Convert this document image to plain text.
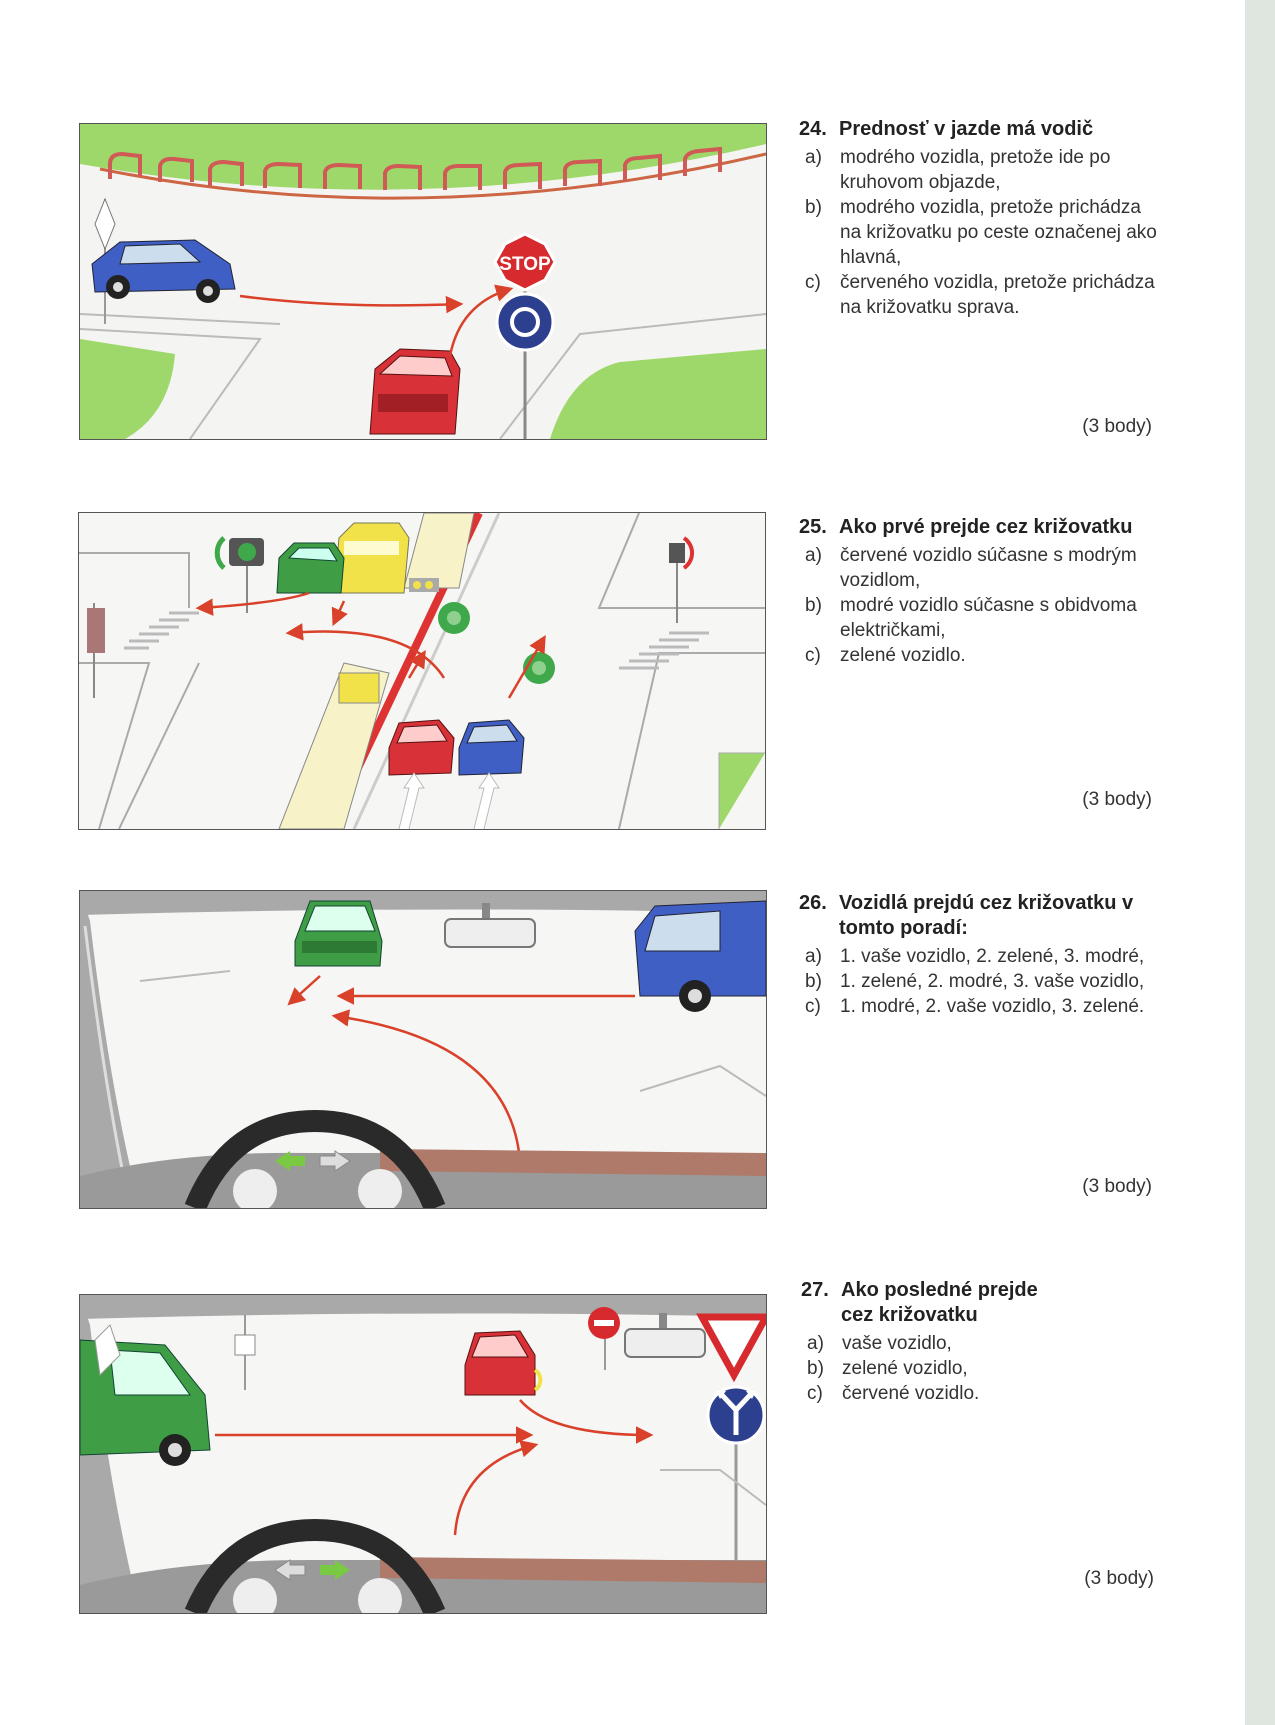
STOP
24. Prednosť v jazde má vodič
a) modrého vozidla, pretože ide po kruhovom objazde,
b) modrého vozidla, pretože prichádza na križovatku po ceste označenej ako hlavná,
c)	červeného vozidla, pretože prichádza na križovatku sprava.
(3 body)
25. Ako prvé prejde cez križovatku
a) červené vozidlo súčasne s modrým vozidlom,
b) modré vozidlo súčasne s obidvoma električkami,
c)	zelené vozidlo.
(3 body)
26. Vozidlá prejdú cez križovatku v tomto poradí:
a) 1. vaše vozidlo, 2. zelené, 3. modré,
b) 1. zelené, 2. modré, 3. vaše vozidlo,
c)	1. modré, 2. vaše vozidlo, 3. zelené.
(3 body)
27. Ako posledné prejde cez križovatku
a) vaše vozidlo,
b) zelené vozidlo,
c)	červené vozidlo.
(3 body)
